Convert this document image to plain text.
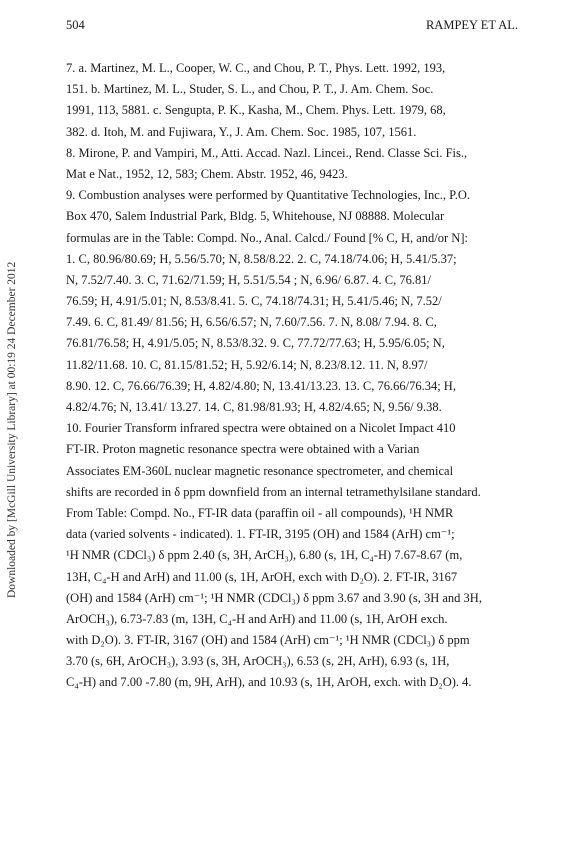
504	RAMPEY ET AL.
Downloaded by [McGill University Library] at 00:19 24 December 2012
7. a. Martinez, M. L., Cooper, W. C., and Chou, P. T., Phys. Lett. 1992, 193,
151. b. Martinez, M. L., Studer, S. L., and Chou, P. T., J. Am. Chem. Soc.
1991, 113, 5881. c. Sengupta, P. K., Kasha, M., Chem. Phys. Lett. 1979, 68,
382. d. Itoh, M. and Fujiwara, Y., J. Am. Chem. Soc. 1985, 107, 1561.
8. Mirone, P. and Vampiri, M., Atti. Accad. Nazl. Lincei., Rend. Classe Sci. Fis.,
Mat e Nat., 1952, 12, 583; Chem. Abstr. 1952, 46, 9423.
9. Combustion analyses were performed by Quantitative Technologies, Inc., P.O.
Box 470, Salem Industrial Park, Bldg. 5, Whitehouse, NJ 08888. Molecular
formulas are in the Table: Compd. No., Anal. Calcd./ Found [% C, H, and/or N]:
1. C, 80.96/80.69; H, 5.56/5.70; N, 8.58/8.22. 2. C, 74.18/74.06; H, 5.41/5.37;
N, 7.52/7.40. 3. C, 71.62/71.59; H, 5.51/5.54 ; N, 6.96/ 6.87. 4. C, 76.81/
76.59; H, 4.91/5.01; N, 8.53/8.41. 5. C, 74.18/74.31; H, 5.41/5.46; N, 7.52/
7.49. 6. C, 81.49/ 81.56; H, 6.56/6.57; N, 7.60/7.56. 7. N, 8.08/ 7.94. 8. C,
76.81/76.58; H, 4.91/5.05; N, 8.53/8.32. 9. C, 77.72/77.63; H, 5.95/6.05; N,
11.82/11.68. 10. C, 81.15/81.52; H, 5.92/6.14; N, 8.23/8.12. 11. N, 8.97/
8.90. 12. C, 76.66/76.39; H, 4.82/4.80; N, 13.41/13.23. 13. C, 76.66/76.34; H,
4.82/4.76; N, 13.41/ 13.27. 14. C, 81.98/81.93; H, 4.82/4.65; N, 9.56/ 9.38.
10. Fourier Transform infrared spectra were obtained on a Nicolet Impact 410
FT-IR. Proton magnetic resonance spectra were obtained with a Varian
Associates EM-360L nuclear magnetic resonance spectrometer, and chemical
shifts are recorded in δ ppm downfield from an internal tetramethylsilane standard.
From Table: Compd. No., FT-IR data (paraffin oil - all compounds), ¹H NMR
data (varied solvents - indicated). 1. FT-IR, 3195 (OH) and 1584 (ArH) cm⁻¹;
¹H NMR (CDCl₃) δ ppm 2.40 (s, 3H, ArCH₃), 6.80 (s, 1H, C₄-H) 7.67-8.67 (m,
13H, C₄-H and ArH) and 11.00 (s, 1H, ArOH, exch with D₂O). 2. FT-IR, 3167
(OH) and 1584 (ArH) cm⁻¹; ¹H NMR (CDCl₃) δ ppm 3.67 and 3.90 (s, 3H and 3H,
ArOCH₃), 6.73-7.83 (m, 13H, C₄-H and ArH) and 11.00 (s, 1H, ArOH exch.
with D₂O). 3. FT-IR, 3167 (OH) and 1584 (ArH) cm⁻¹; ¹H NMR (CDCl₃) δ ppm
3.70 (s, 6H, ArOCH₃), 3.93 (s, 3H, ArOCH₃), 6.53 (s, 2H, ArH), 6.93 (s, 1H,
C₄-H) and 7.00 -7.80 (m, 9H, ArH), and 10.93 (s, 1H, ArOH, exch. with D₂O). 4.
